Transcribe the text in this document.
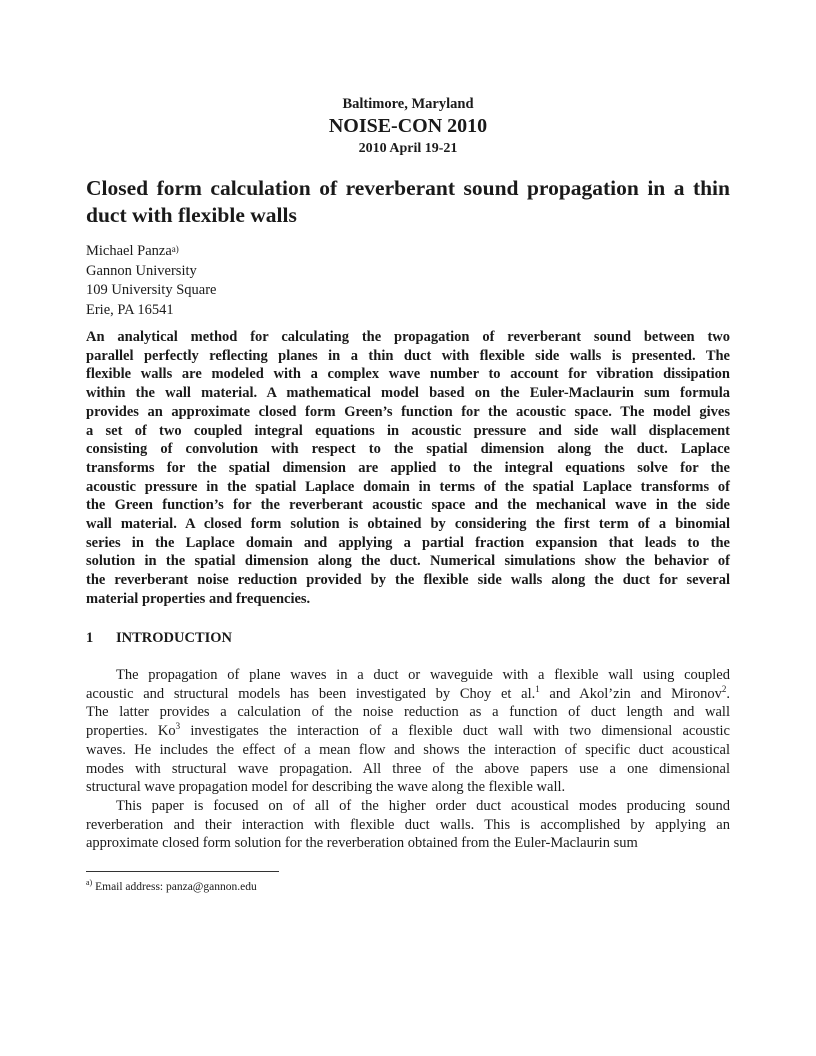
Baltimore, Maryland
NOISE-CON 2010
2010 April 19-21
Closed form calculation of reverberant sound propagation in a thin
duct with flexible walls
Michael Panza$^{a)}$
Gannon University
109 University Square
Erie, PA 16541
An analytical method for calculating the propagation of reverberant sound between two
parallel perfectly reflecting planes in a thin duct with flexible side walls is presented. The
flexible walls are modeled with a complex wave number to account for vibration dissipation
within the wall material. A mathematical model based on the Euler-Maclaurin sum formula
provides an approximate closed form Green’s function for the acoustic space. The model gives
a set of two coupled integral equations in acoustic pressure and side wall displacement
consisting of convolution with respect to the spatial dimension along the duct. Laplace
transforms for the spatial dimension are applied to the integral equations solve for the
acoustic pressure in the spatial Laplace domain in terms of the spatial Laplace transforms of
the Green function’s for the reverberant acoustic space and the mechanical wave in the side
wall material. A closed form solution is obtained by considering the first term of a binomial
series in the Laplace domain and applying a partial fraction expansion that leads to the
solution in the spatial dimension along the duct. Numerical simulations show the behavior of
the reverberant noise reduction provided by the flexible side walls along the duct for several
material properties and frequencies.
1 INTRODUCTION
The propagation of plane waves in a duct or waveguide with a flexible wall using coupled
acoustic and structural models has been investigated by Choy et al.$^1$ and Akol’zin and Mironov$^2$.
The latter provides a calculation of the noise reduction as a function of duct length and wall
properties. Ko$^3$ investigates the interaction of a flexible duct wall with two dimensional acoustic
waves. He includes the effect of a mean flow and shows the interaction of specific duct acoustical
modes with structural wave propagation. All three of the above papers use a one dimensional
structural wave propagation model for describing the wave along the flexible wall.
This paper is focused on of all of the higher order duct acoustical modes producing sound
reverberation and their interaction with flexible duct walls. This is accomplished by applying an
approximate closed form solution for the reverberation obtained from the Euler-Maclaurin sum
$^{a)}$ Email address: panza@gannon.edu
